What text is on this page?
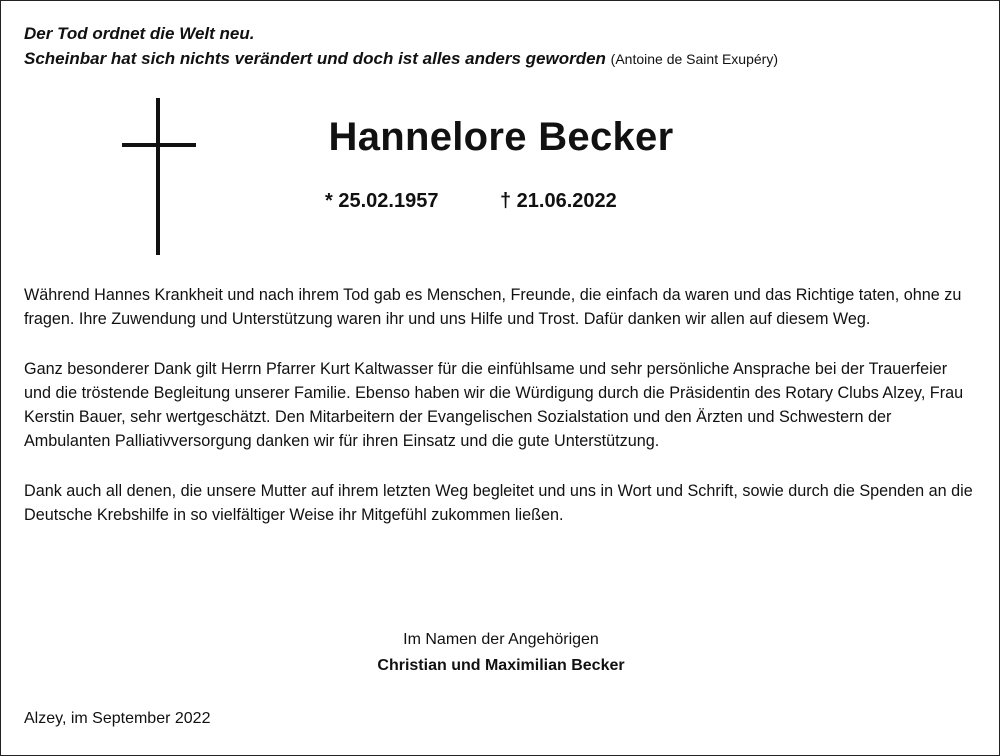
Der Tod ordnet die Welt neu.
Scheinbar hat sich nichts verändert und doch ist alles anders geworden (Antoine de Saint Exupéry)
Hannelore Becker
* 25.02.1957	† 21.06.2022

Während Hannes Krankheit und nach ihrem Tod gab es Menschen, Freunde, die einfach da waren und das Richtige taten, ohne zu fragen. Ihre Zuwendung und Unterstützung waren ihr und uns Hilfe und Trost. Dafür danken wir allen auf diesem Weg.

Ganz besonderer Dank gilt Herrn Pfarrer Kurt Kaltwasser für die einfühlsame und sehr persönliche Ansprache bei der Trauerfeier und die tröstende Begleitung unserer Familie. Ebenso haben wir die Würdigung durch die Präsidentin des Rotary Clubs Alzey, Frau Kerstin Bauer, sehr wertgeschätzt. Den Mitarbeitern der Evangelischen Sozialstation und den Ärzten und Schwestern der Ambulanten Palliativversorgung danken wir für ihren Einsatz und die gute Unterstützung.

Dank auch all denen, die unsere Mutter auf ihrem letzten Weg begleitet und uns in Wort und Schrift, sowie durch die Spenden an die Deutsche Krebshilfe in so vielfältiger Weise ihr Mitgefühl zukommen ließen.

Im Namen der Angehörigen
Christian und Maximilian Becker
Alzey, im September 2022
